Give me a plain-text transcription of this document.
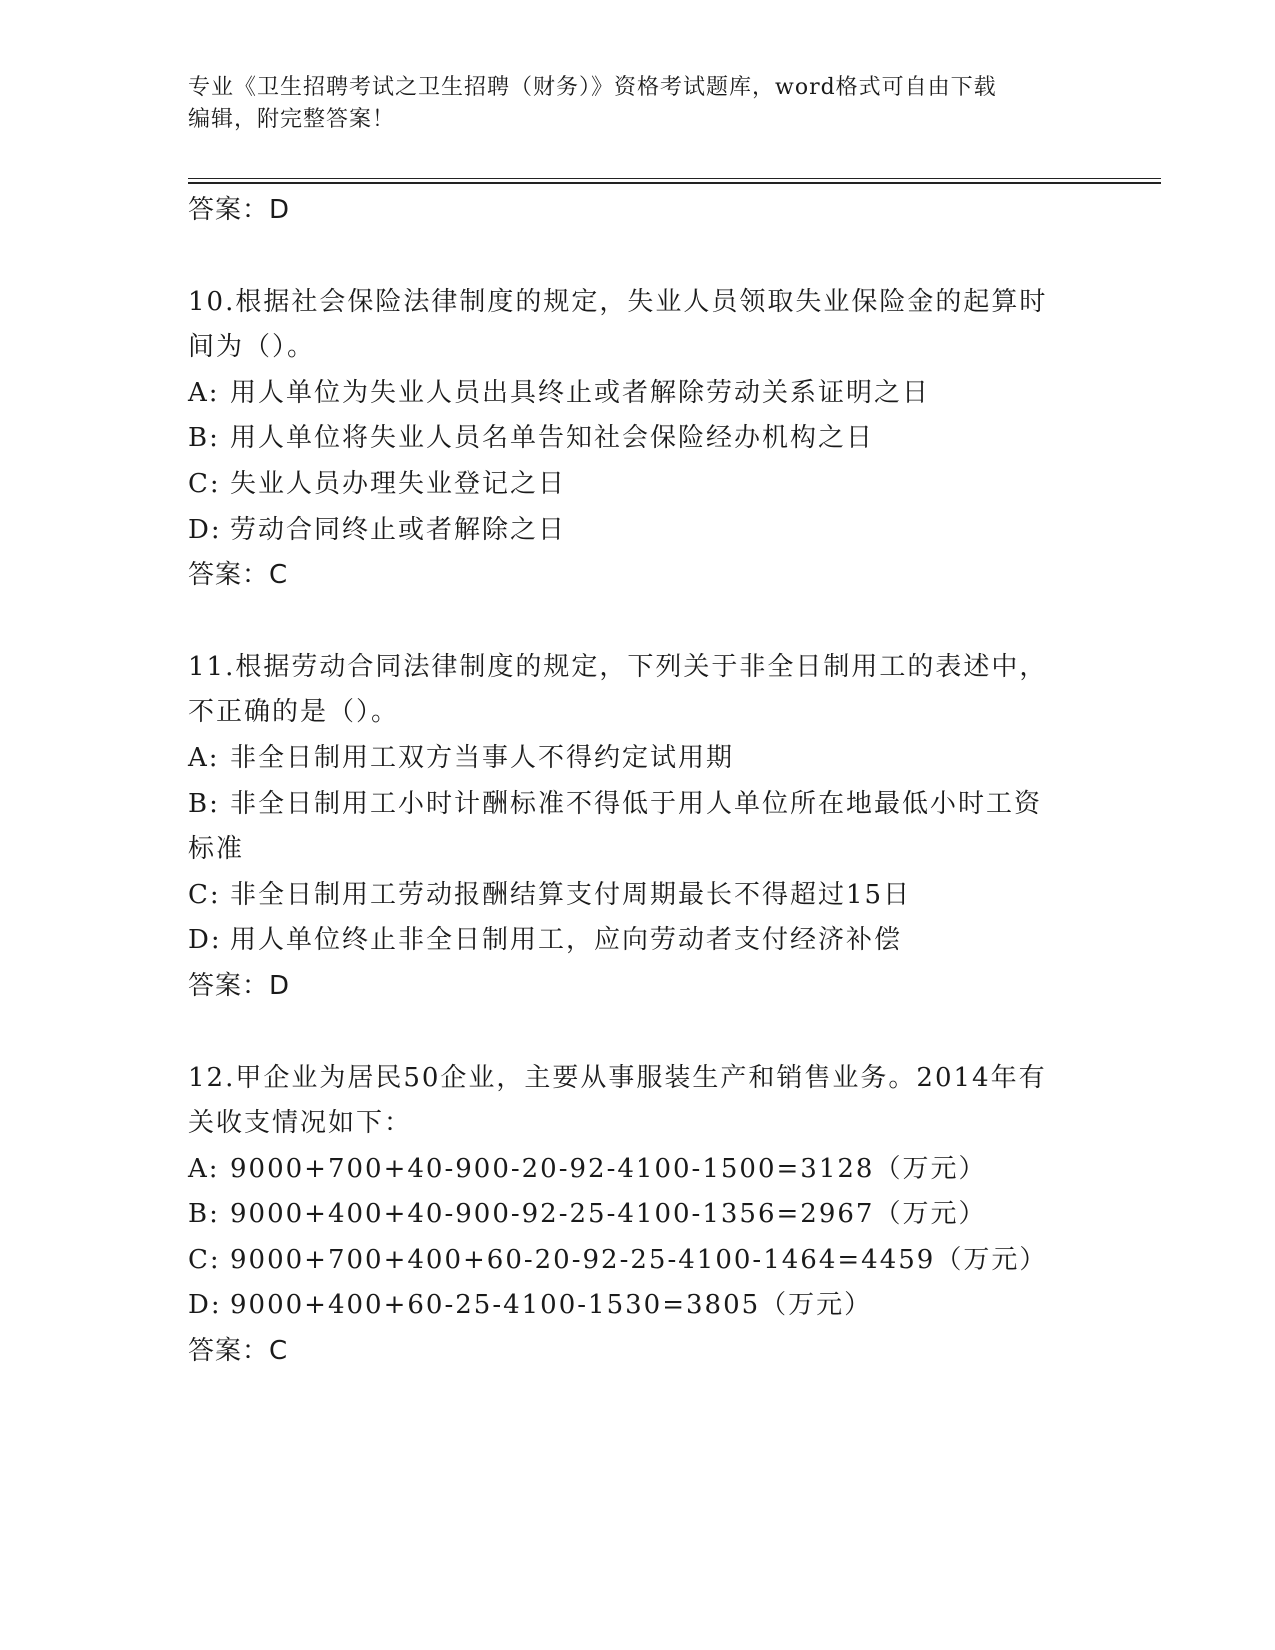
专业《卫生招聘考试之卫生招聘（财务）》资格考试题库，word格式可自由下载
编辑，附完整答案！
答案：D
10.根据社会保险法律制度的规定，失业人员领取失业保险金的起算时
间为（）。
A: 用人单位为失业人员出具终止或者解除劳动关系证明之日
B: 用人单位将失业人员名单告知社会保险经办机构之日
C: 失业人员办理失业登记之日
D: 劳动合同终止或者解除之日
答案：C
11.根据劳动合同法律制度的规定，下列关于非全日制用工的表述中，
不正确的是（）。
A: 非全日制用工双方当事人不得约定试用期
B: 非全日制用工小时计酬标准不得低于用人单位所在地最低小时工资
标准
C: 非全日制用工劳动报酬结算支付周期最长不得超过15日
D: 用人单位终止非全日制用工，应向劳动者支付经济补偿
答案：D
12.甲企业为居民50企业，主要从事服装生产和销售业务。2014年有
关收支情况如下：
A: 9000+700+40-900-20-92-4100-1500=3128（万元）
B: 9000+400+40-900-92-25-4100-1356=2967（万元）
C: 9000+700+400+60-20-92-25-4100-1464=4459（万元）
D: 9000+400+60-25-4100-1530=3805（万元）
答案：C
